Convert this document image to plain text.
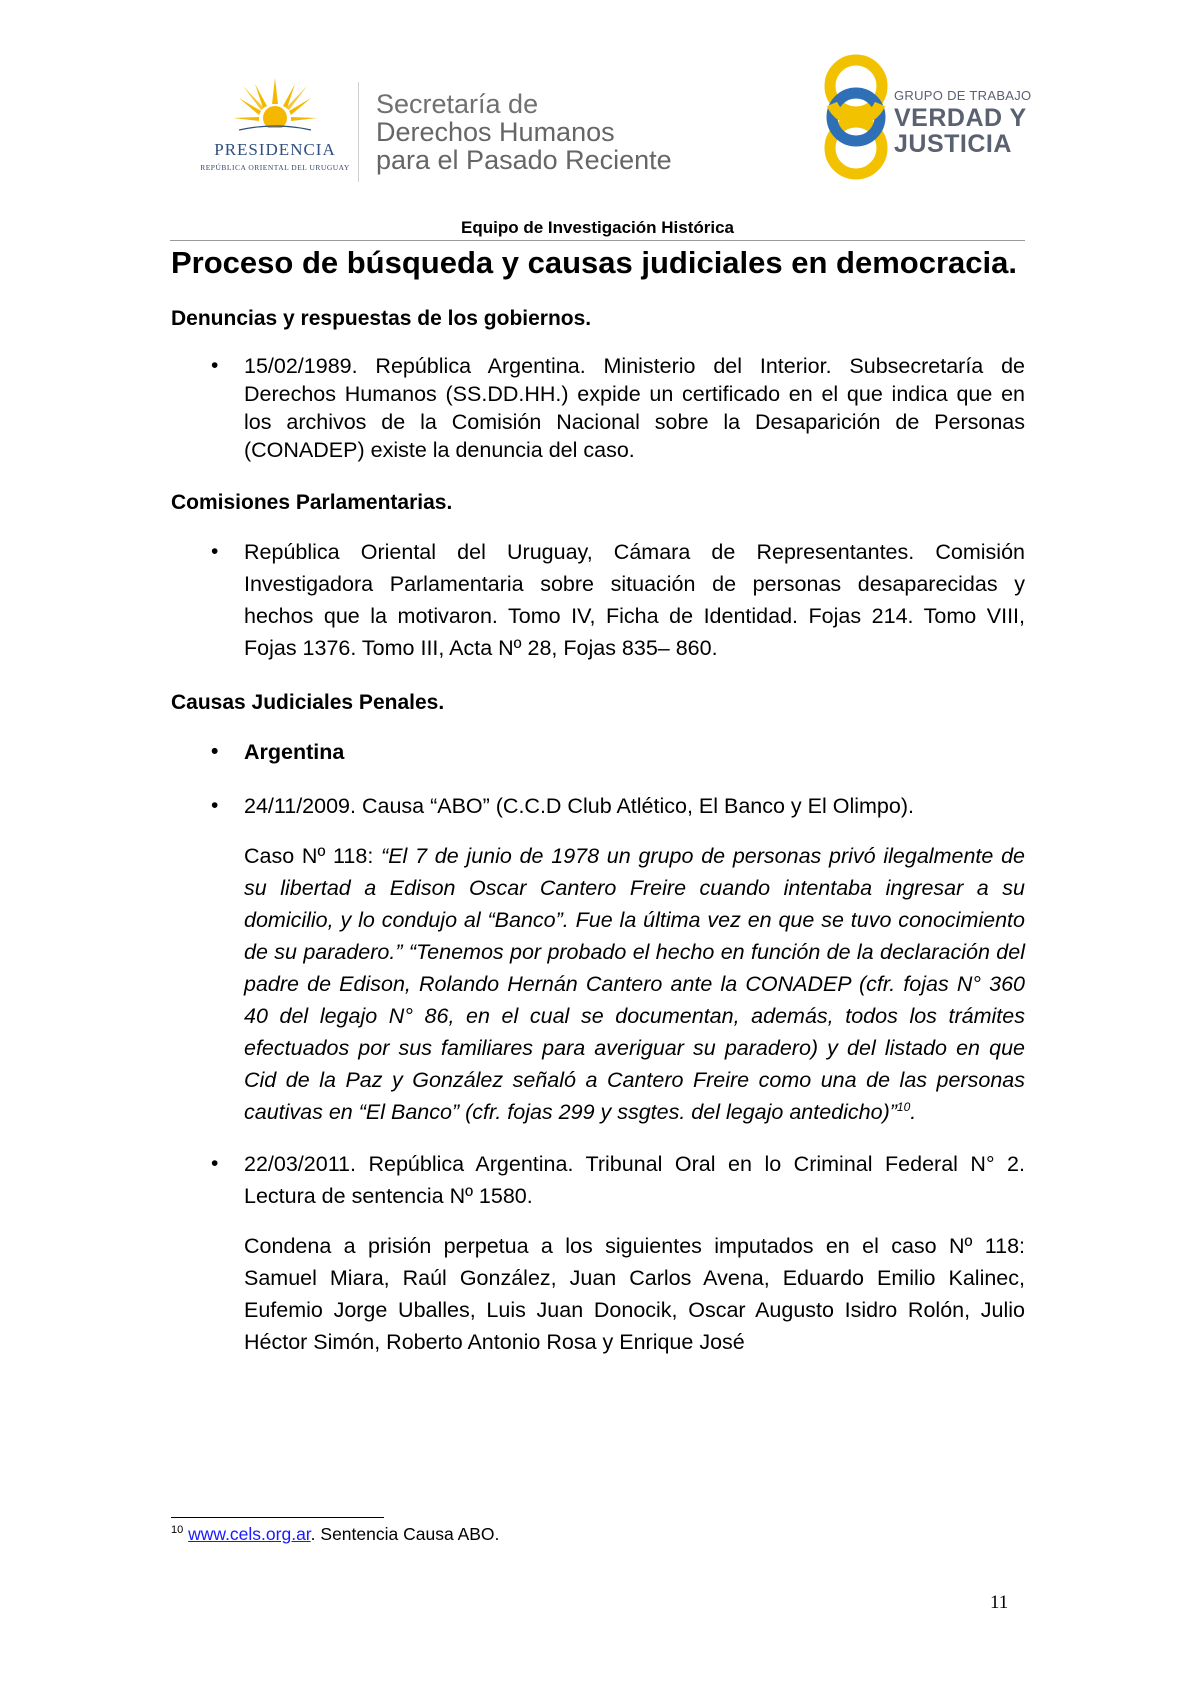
PRESIDENCIA
REPÚBLICA ORIENTAL DEL URUGUAY
Secretaría de
Derechos Humanos
para el Pasado Reciente
GRUPO DE TRABAJO
VERDAD Y
JUSTICIA
Equipo de Investigación Histórica
Proceso de búsqueda y causas judiciales en democracia.
Denuncias y respuestas de los gobiernos.
• 15/02/1989. República Argentina. Ministerio del Interior. Subsecretaría de Derechos Humanos (SS.DD.HH.) expide un certificado en el que indica que en los archivos de la Comisión Nacional sobre la Desaparición de Personas (CONADEP) existe la denuncia del caso.
Comisiones Parlamentarias.
• República Oriental del Uruguay, Cámara de Representantes. Comisión Investigadora Parlamentaria sobre situación de personas desaparecidas y hechos que la motivaron. Tomo IV, Ficha de Identidad. Fojas 214. Tomo VIII, Fojas 1376. Tomo III, Acta Nº 28, Fojas 835– 860.
Causas Judiciales Penales.
• Argentina
• 24/11/2009. Causa “ABO” (C.C.D Club Atlético, El Banco y El Olimpo).
Caso Nº 118: “El 7 de junio de 1978 un grupo de personas privó ilegalmente de su libertad a Edison Oscar Cantero Freire cuando intentaba ingresar a su domicilio, y lo condujo al “Banco”. Fue la última vez en que se tuvo conocimiento de su paradero.” “Tenemos por probado el hecho en función de la declaración del padre de Edison, Rolando Hernán Cantero ante la CONADEP (cfr. fojas N° 360 40 del legajo N° 86, en el cual se documentan, además, todos los trámites efectuados por sus familiares para averiguar su paradero) y del listado en que Cid de la Paz y González señaló a Cantero Freire como una de las personas cautivas en “El Banco” (cfr. fojas 299 y ssgtes. del legajo antedicho)”$^{10}$.
• 22/03/2011. República Argentina. Tribunal Oral en lo Criminal Federal N° 2. Lectura de sentencia Nº 1580.
Condena a prisión perpetua a los siguientes imputados en el caso Nº 118: Samuel Miara, Raúl González, Juan Carlos Avena, Eduardo Emilio Kalinec, Eufemio Jorge Uballes, Luis Juan Donocik, Oscar Augusto Isidro Rolón, Julio Héctor Simón, Roberto Antonio Rosa y Enrique José
$^{10}$ www.cels.org.ar. Sentencia Causa ABO.
11
